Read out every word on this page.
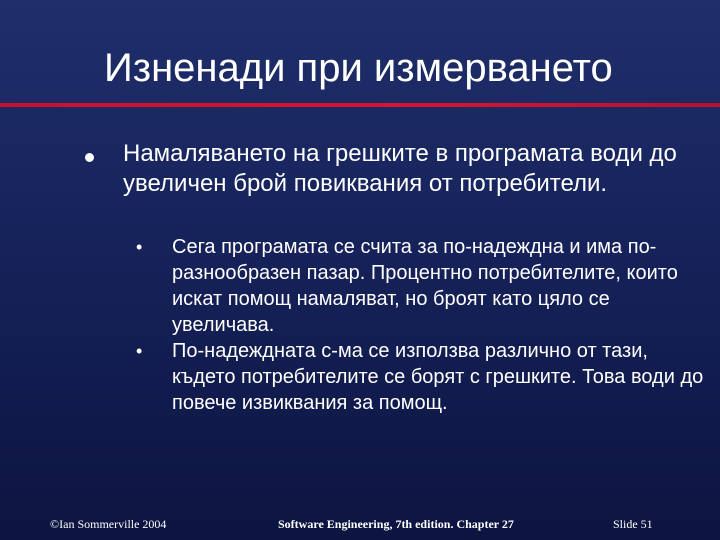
Изненади при измерването
Намаляването на грешките в програмата води до увеличен брой повиквания от потребители.
• Сега програмата се счита за по-надеждна и има по-разнообразен пазар. Процентно потребителите, които искат помощ намаляват, но броят като цяло се увеличава.
• По-надеждната с-ма се използва различно от тази, където потребителите се борят с грешките. Това води до повече извиквания за помощ.
©Ian Sommerville 2004	Software Engineering, 7th edition. Chapter 27	Slide 51
